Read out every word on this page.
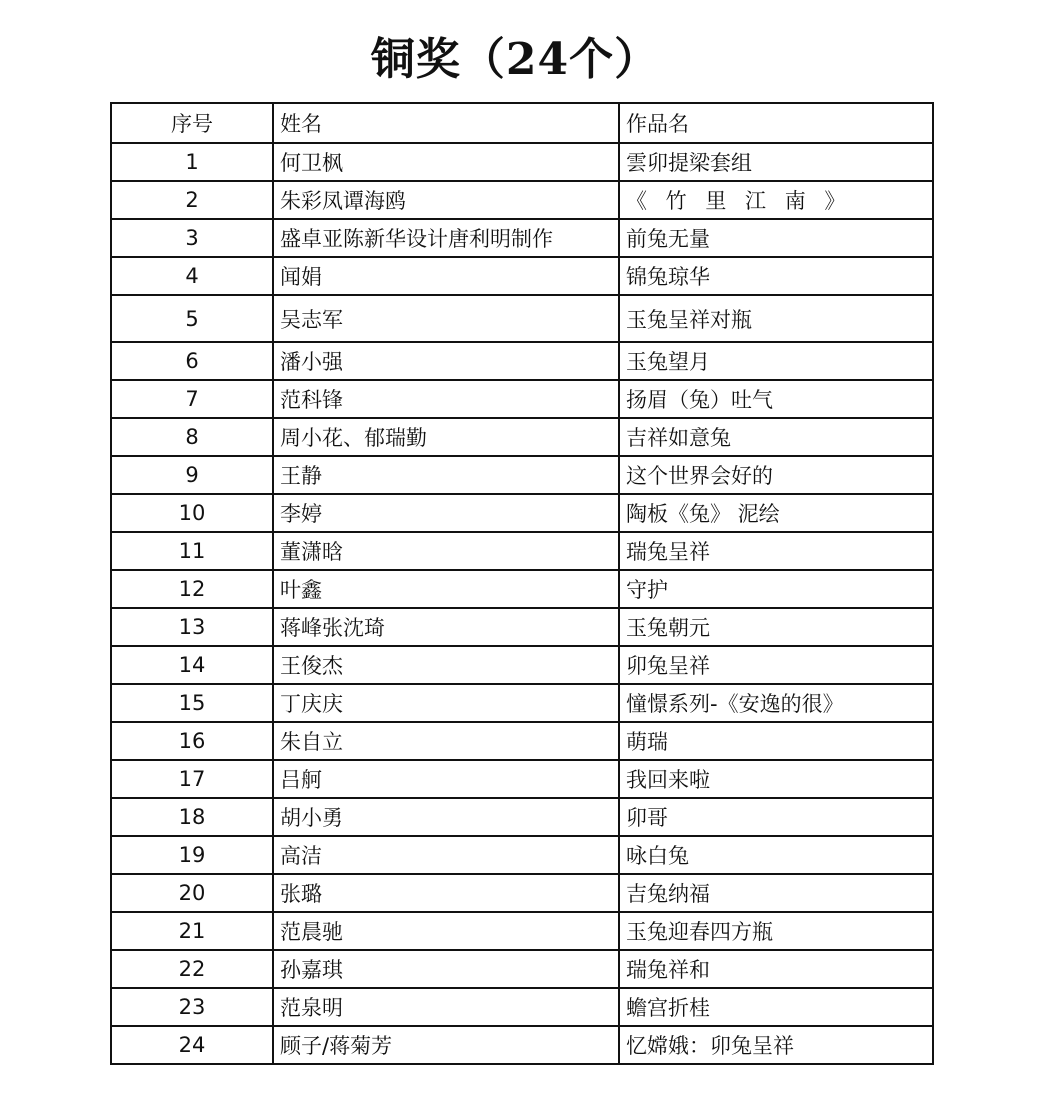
铜奖（24个）
序号	姓名	作品名
1	何卫枫	雲卯提梁套组
2	朱彩凤谭海鸥	《 竹 里 江 南 》
3	盛卓亚陈新华设计唐利明制作	前兔无量
4	闻娟	锦兔琼华
5	吴志军	玉兔呈祥对瓶
6	潘小强	玉兔望月
7	范科锋	扬眉（兔）吐气
8	周小花、郁瑞勤	吉祥如意兔
9	王静	这个世界会好的
10	李婷	陶板《兔》 泥绘
11	董潇晗	瑞兔呈祥
12	叶鑫	守护
13	蒋峰张沈琦	玉兔朝元
14	王俊杰	卯兔呈祥
15	丁庆庆	憧憬系列-《安逸的很》
16	朱自立	萌瑞
17	吕舸	我回来啦
18	胡小勇	卯哥
19	高洁	咏白兔
20	张璐	吉兔纳福
21	范晨驰	玉兔迎春四方瓶
22	孙嘉琪	瑞兔祥和
23	范泉明	蟾宫折桂
24	顾子/蒋菊芳	忆嫦娥：卯兔呈祥
